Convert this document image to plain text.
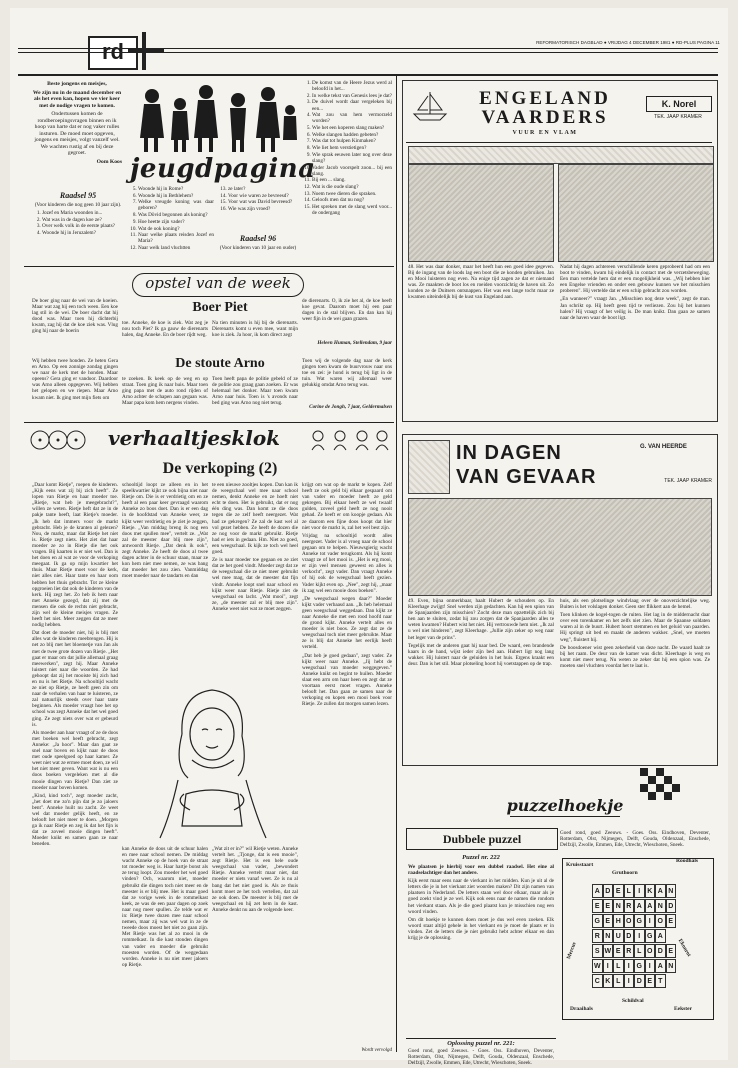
REFORMATORISCH DAGBLAD ● VRIJDAG 4 DECEMBER 1981 ● RD-PLUS PAGINA 11

Beste jongens en meisjes,

We zijn nu in de maand december en als het even kan, hopen we vier keer met de nodige vragen te komen.

Ondertussen komen de rondberoepingsvragen binnen en ik hoop van harte dat er nog vaker rulles insturen. De moed moet opgeven, jongens en meisjes, volgt vanzelf wel. We wachten rustig af en bij deze gegroet.

Oom Koos jeugdpagina
Raadsel 95

(Voor kinderen die nog geen 10 jaar zijn).

1. Jozef en Maria woonden in...
2. Wat was in de dagen koe ze?
3. Over welk volk in de eerste plaats?
4. Woonde hij in Jeruzalem?
5. Woonde hij in Rome?
6. Woonde hij in Bethlehem?
7. Welke vreugde koning was daar geboren?
8. Was Dövid begonnen als koning?
9. Hoe heette zijn vader?
10. Wat de ook koning?
11. Naar welke plaats reisden Jozef en Maria?
12. Naar welk land vluchtten
13. ze later?
14. Voor wie waren ze bevreesd?
15. Voor wat was David bevreesd?
16. Wie was zijn vroed?
Raadsel 96
(Voor kinderen van 10 jaar en ouder)
1. De komst van de Heere Jezus werd al beloofd in het...
2. In welke tekst van Genesis lees je dat?
3. De duivel wordt daar vergeleken bij een...
4. Wat zou van hem vermorzeld worden?
5. Wie het een koperen slang maken?
6. Welke slangen hadden gebeten?
7. Was dat tot hulpen Kinmaken?
8. Wie liet hem verstietigen?
9. Wie sprak eeuwen later nog over deze slang?
10. Vader Jacob voorspelt zoon... bij een slang.
11. Bij een ... slang.
12. Wat is die oude slang?
13. Noem twee dieren die spraken.
14. Geloofs men dat nu nog?
15. Het spreken met de slang werd voor... de ondergang
opstel van de week
Boer Piet
De boer ging naar de wei van de koeien. Maar wat zag hij een toch ween. Een koe lag stil in de wei. De boer dacht dat hij dood was. Maar toen hij dichterbij kwam, zag hij dat de koe ziek was. Vlug ging hij naar de boerin
toe. Anneke, de koe is ziek. Wat zeg je nou toch Piet? Ik ga gauw de dierenarts halen, dag Anneke. En de boer rijdt weg.
Na tien minuten is hij bij de dierenarts. Dierenarts komt u even mee, want mijn koe is ziek. Ja hoor, ik kom direct zegt
de dierenarts. O, ik zie het al, de koe heeft koe gevat. Daarom moet hij een paar dagen in de stal blijven. En dan kan hij weer fijn in de wei gaan grazen.
Heleen Human, Stellendam, 9 jaar
De stoute Arno
Wij hebben twee honden. Ze heten Gera en Arno. Op een zonnige zondag gingen we naar de kerk met de honden. Maar opeens? Gera ging er vandoor. Daardoor was Arno alleen opgegeven. Wij hebben het gelopen en we riepen. Maar Arno kwam niet. Ik ging met mijn fiets om
te zoeken. Ik keek op de weg en op straat. Toen ging ik naar huis. Maar toen ging papa met de auto rond rijden of Arno achter de schapen aan gegaan was. Maar papa kom hem nergens vinden.
Toen heeft papa de politie gebeld of ze de politie zou graag gaan zoeken. Er was helemaal het donker. Maar toen kwam Arno naar huis. Toen is 's avonds naar bed ging was Arno nog niet terug.
Toen wij de volgende dag naar de kerk gingen toen kwam de buurvrouw naar ons toe en zei: je hond is terug bij ligt in de tuin. Wat waren wij allemaal weer gelukkig omdat Arno terug was.
Corine de Jongh, 7 jaar, Geldermalsen
verhaaltjesklok
De verkoping (2)

„Daar komt Rietje", roepen de kinderen. „Kijk eens wat zij bij zich heeft". Ze lopen van Rietje en haar moeder toe. „Rietje, wat heb je meegebracht?", willen ze weten. Rietje heft dat ze in de pakje tante heeft, laat Rietje's moeder. „Ik heb dat immers voor de markt gebracht. Heb je de kranten al gelezen? Nou, de markt, maar dat Rietje het niet is. Rietje zegt niets. Het ziet dat haar moeder ze zo in Rietje die het ook vragen. Bij kaarten is er niet wel. Dan is het doen en al wat ze voor de verkoping meegaat. Ik ga op mijn kwartier het thuis. Maar Rietje moet voor de kerk, niet alles niet. Haar tante en haar oom hebben het thuis gebracht. Tot ze kleine opgroeien liet dat ook de kinderen van de kerk. Hij zegt het. Zo heb ik hem naar met Anneke gezegd, dat zij met de mensen die ook de rechts niet gebracht, zijn wel de kleine meisjes vragen. Ze heeft het niet. Meer zeggen dat ze meer nodig hebben.

Dat doet de moeder niet, hij is blij met alles wat de kinderen meebrengen. Hij is net zo blij met het bloemetje van Jan als met de twee grote dozen van Rietje. „Het gaat er maar om dat jullie allemaal graag meewerken", zegt hij. Maar Anneke luistert niet naar die woorden. Ze had gehoopt dat zij het mooiste bij zich had en nu is het Rietje. Na schooltijd wacht ze niet op Rietje, ze heeft geen zin om naar de verhalen van haar te luisteren, ze zal natuurlijk steeds over haar tante beginnen. Als moeder vraagt hoe het op school was zegt Anneke dat het wel goed ging. Ze zegt niets over wat er gebeurd is.

Als moeder aan haar vraagt of ze de doos met boeken wel heeft gebracht, zegt Anneke: „Ja hoor". Maar dan gaat ze snel naar boven en kijkt naar de doos met oude speelgoed op haar kamer. Ze weet niet wat ze ermee moet doen, ze wil het niet meer geven. Want wat is nu een doos boeken vergeleken met al die mooie dingen van Rietje? Dan ziet ze moeder naar boven komen.

„Kind, kind toch", zegt moeder zacht, „het doet me zo'n pijn dat je zo jaloers bent". Anneke huilt nu zacht. Ze weet wel dat moeder gelijk heeft, en ze belooft het niet meer te doen. „Morgen ga ik naar Rietje en zeg ik dat het fijn is dat ze zoveel mooie dingen heeft". Moeder knikt en samen gaan ze naar beneden.

schooltijd loopt ze alleen en in het speelkwartier kijkt ze ook bijna niet naar Rietje om. Die is er verdrietig om en ze heeft al een paar keer gevraagd waarom Anneke zo boos doet. Dan is er een dag in de hoofdstad van Anneke weer, ze kijkt weer verdrietig en je ziet je zeggen, Rietje. „Van middag breng ik nog een doos met spullen mee", vertelt ze. „Wat zal de meester daar blij mee zijn", antwoordt Rietje. „Dat denk ik ook", zegt Anneke. Ze heeft de doos al twee dagen achter in de schuur staan, maar ze kon hem niet mee nemen, ze was bang dat moeder het zou zien. Vanmiddag moet moeder naar de tandarts en dan

te een nieuwe zooltjes kopen. Dan kan ik de weegschaal wel mee naar school nemen, denkt Anneke en ze hoeft niet echt te doen. Het is gebruikt, dat er nog één ding was. Dan komt ze die doos tegen die ze zelf heeft neergezet. Wat had ze gekregen? Ze zal de kast wel al vol gezet hebben. Ze heeft de dozen die ze nog voor de markt gebruikt. Rietje had er iets in gedaan. Hm. Niet zo goed, een weegschaal. Ik kijk ze toch wel heel goed.

Ze is naar moeder toe gegaan en ze ziet dat ze het goed vindt. Moeder zegt dat ze de weegschaal die ze niet meer gebruikt wel mee mag, dat de meester dat fijn vindt. Anneke loopt snel naar school en kijkt weer naar Rietje. Rietje ziet de weegschaal en lacht. „Wat mooi", zegt ze, „de meester zal er blij mee zijn". Anneke weet niet wat ze moet zeggen.

krijgt om wat op de markt te kopen. Zelf heeft ze ook geld bij elkaar gespaard om van vader en moeder heeft ze geld gekregen. Bij elkaar heeft ze wel twaalf gulden, zoveel geld heeft ze nog nooit gehad. Ze heeft er om koopje gedaan. Als ze daarom een fijne doos koopt dat hier niet voor de markt is, zal het wel best zijn.

Vrijdag na schooltijd wordt alles neergezet. Vader is al vroeg naar de school gegaan om te helpen. Nieuwsgierig wacht Anneke tot vader terugkomt. Als hij komt vraagt ze of het mooi is. „Het is erg mooi, er zijn veel mensen geweest en alles is verkocht", zegt vader. Dan vraagt Anneke of hij ook de weegschaal heeft gezien. Vader kijkt even op. „Nee", zegt hij, „maar ik zag wel een mooie doos boeken".

„De weegschaal wegen daar?" Moeder kijkt vader verbaasd aan. „Ik heb helemaal geen weegschaal weggedaan. Dan kijkt ze naar Anneke die met een rood hoofd naar de grond kijkt. Anneke vertelt alles en moeder is niet boos. Ze zegt dat ze de weegschaal toch niet meer gebruikte. Maar ze is blij dat Anneke het eerlijk heeft verteld.

„Dat heb je goed gedaan", zegt vader. Ze kijkt weer naar Anneke. „Jij hebt de weegschaal van moeder weggegeven." Anneke knikt en begint te huilen. Moeder slaat een arm om haar heen en zegt dat ze voortaan eerst moet vragen. Anneke belooft het. Dan gaan ze samen naar de verkoping en kopen een mooi boek voor Rietje. Ze zullen dat morgen samen lezen.

kan Anneke de doos uit de schuur halen en mee naar school nemen. De middag wacht Anneke op de hoek van de straat tot moeder weg is. Haar hartje bonst als ze terug loopt. Zou moeder het wel goed vinden? Och, waarom niet, moeder gebruikt die dingen toch niet meer en de meester is er blij mee. Het is maar goed dat ze vorige week in de rommelkast keek, ze was de een paar dagen op zoek naar nog meer spullen. Ze telde wat er in: Rietje twee dozen mee naar school nemen, maar zij was wel wat in ze de tweede doos moest het niet zo gaan zijn. Met Rietje was het al zo mooi in de rommelkast. In die kast stonden dingen van vader en moeder die gebruikt moesten worden. Of de weggedaan worden. Anneke is nu niet meer jaloers op Rietje.
„Wat zit er in?" wil Rietje weten. Anneke vertelt het. „Tjonge, dat is een mooie", zegt Rietje. Het is een hele oude weegschaal van vader, „bewondert Rietje. Anneke vertelt maar niet, dat moeder er niets vanaf weet. Ze is nu al bang dat het niet goed is. Als ze thuis komt moet ze het toch vertellen, dat zal ze ook doen. De meester is blij met de weegschaal en hij zet hem in de kast. Anneke denkt nu aan de volgende keer.
Wordt vervolgd
ENGELAND
VAARDERS
VUUR EN VLAM
K. Norel
TEK. JAAP KRAMER
48. Het was daar donker, maar het heeft hun een goed idee gegeven. Bij de ingang van de loods lag een boot die ze konden gebruiken. Jan en Mooi luisteren nog even. Na enige tijd zagen ze dat er niemand was. Ze maakten de boot los en roeiden voorzichtig de haven uit. Zo konden ze de Duitsers ontsnappen. Het was een lange tocht maar ze kwamen uiteindelijk bij de kust van Engeland aan.

Nadat hij dagen achtereen verschillende keren geprobeerd had om een boot te vinden, kwam hij eindelijk in contact met de verzetsbeweging. Een man vertelde hem dat er een mogelijkheid was. „Wij hebben hier een Engelse vrienden en onder een gebouw kunnen we het misschien proberen". Hij vertelde dat er een schip gebracht zou worden.

„En wanneer?" vraagt Jan. „Misschien nog deze week", zegt de man. Jan schrikt op. Hij heeft geen tijd te verliezen. Zou hij het kunnen halen? Hij vraagt of het veilig is. De man knikt. Dan gaan ze samen naar de haven waar de boot ligt.

IN DAGEN
VAN GEVAAR
G. VAN HEERDE
TEK. JAAP KRAMER

49. Even, bijna onmerkbaar, haalt Hubert de schouders op. En Kleerhage zwijgt! Snel werden zijn gedachten. Kan hij een spion van de Spanjaarden zijn misschien? Zocht deze man opzettelijk zich bij hen aan te sluiten, zodat hij zou zorgen dat de Spanjaarden alles te weten kwamen? Hubert wist het niet. Hij vertrouwde hem niet. „Ik zal u wel niet hinderen", zegt Kleerhage. „Jullie zijn zeker op weg naar het leger van de prins".

Tegelijk met de anderen gaat hij naar bed. De waard, een brandende kaars in de hand, wijst ieder zijn bed aan. Hubert ligt nog lang wakker. Hij luistert naar de geluiden in het huis. Ergens kraakt een deur. Dan is het stil. Maar plotseling hoort hij voetstappen op de trap.

huis, als een plotselinge windvlaag over de onoverzichtelijke weg. Buiten is het volslagen donker. Geen ster flikkert aan de hemel.

Toen klinken de kogel-togen de ruiten. Het lag in de middernacht daar over een torenkamer en het zelfs niet zien. Maar de Spaanse soldaten waren al in de buurt. Hubert hoort stemmen en het geluid van paarden. Hij springt uit bed en maakt de anderen wakker. „Snel, we moeten weg", fluistert hij.

De boosdoener wist geen zekerheid van deze nacht. De waard haalt ze bij het raam. De deur van de kamer was dicht. Kleerhage is weg en komt niet meer terug. Nu weten ze zeker dat hij een spion was. Ze moeten snel vluchten voordat het te laat is.

puzzelhoekje
Dubbele puzzel
Puzzel nr. 222

We plaatsen je hierbij voor een dubbel raadsel. Het eine al raadselachtiger dan het andere.

Kijk eerst maar eens naar de vierkant in het midden. Kun je uit al de letters die je in het vierkant ziet woorden maken? Dit zijn namen van plaatsen in Nederland. De letters staan wel door elkaar, maar als je goed zoekt vind je ze wel. Kijk ook eens naar de namen die rondom het vierkant staan. Als je die goed plaatst kun je misschien nog een woord vinden.

Om dit hoekje te kunnen doen moet je dus wel even zoeken. Elk woord staat altijd gehele in het vierkant en je moet de plaats er in vinden. Zet de letters die je niet gebruikt hebt achter elkaar en dan krijg je de oplossing.

Oplossing puzzel nr. 221:
Goed rond, goed Zeeuws. - Goes. Oss. Eindhoven, Deventer, Rotterdam, Olst, Nijmegen, Delft, Gouda, Oldenzaal, Enschede, Delfzijl, Zwolle, Emmen, Ede, Utrecht, Wieschoten, Sneek.
Goed rond, goed Zeeuws. - Goes. Oss. Eindhoven, Deventer, Rotterdam, Olst, Nijmegen, Delft, Gouda, Oldenzaal, Enschede, Delfzijl, Zwolle, Emmen, Ede, Utrecht, Wieschoten, Sneek.
Kruisstaart
Gruthoorn
Roodhals
Ekonrot
Draaihals
Schildval
Eekster
Mercus
A D E L	I	K A N
E E N R A A N D
G E H O G I O E
R N U D I G A
S W E R L O D E
W I	L	I G I	A N
C K L	I	D E T
